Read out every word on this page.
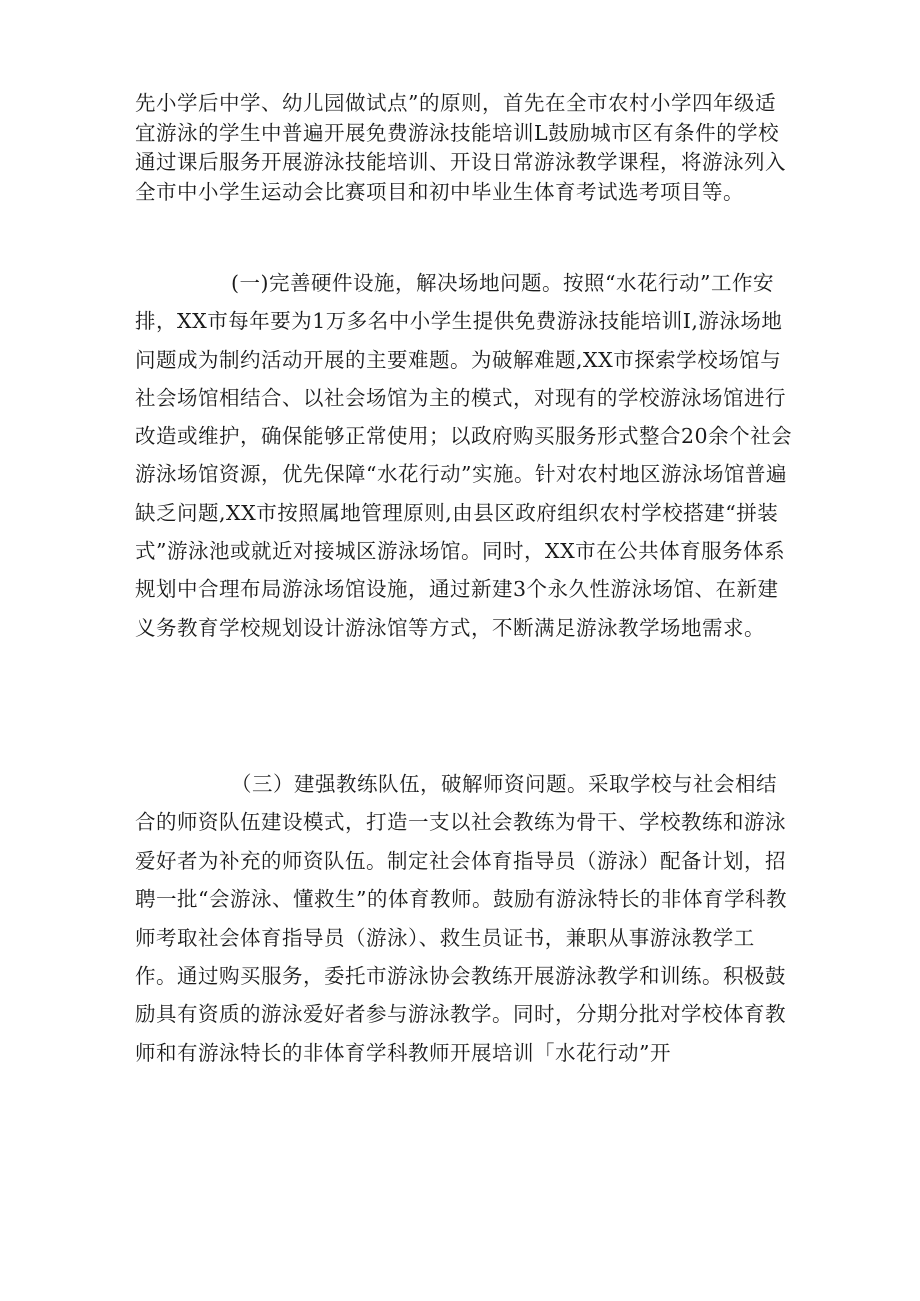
先小学后中学、幼儿园做试点”的原则，首先在全市农村小学四年级适宜游泳的学生中普遍开展免费游泳技能培训L鼓励城市区有条件的学校通过课后服务开展游泳技能培训、开设日常游泳教学课程，将游泳列入全市中小学生运动会比赛项目和初中毕业生体育考试选考项目等。

(一)完善硬件设施，解决场地问题。按照“水花行动”工作安排，XX市每年要为1万多名中小学生提供免费游泳技能培训I,游泳场地问题成为制约活动开展的主要难题。为破解难题,XX市探索学校场馆与社会场馆相结合、以社会场馆为主的模式，对现有的学校游泳场馆进行改造或维护，确保能够正常使用；以政府购买服务形式整合20余个社会游泳场馆资源，优先保障“水花行动”实施。针对农村地区游泳场馆普遍缺乏问题,XX市按照属地管理原则,由县区政府组织农村学校搭建“拼装式”游泳池或就近对接城区游泳场馆。同时，XX市在公共体育服务体系规划中合理布局游泳场馆设施，通过新建3个永久性游泳场馆、在新建义务教育学校规划设计游泳馆等方式，不断满足游泳教学场地需求。

（三）建强教练队伍，破解师资问题。采取学校与社会相结合的师资队伍建设模式，打造一支以社会教练为骨干、学校教练和游泳爱好者为补充的师资队伍。制定社会体育指导员（游泳）配备计划，招聘一批“会游泳、懂救生”的体育教师。鼓励有游泳特长的非体育学科教师考取社会体育指导员（游泳）、救生员证书，兼职从事游泳教学工作。通过购买服务，委托市游泳协会教练开展游泳教学和训练。积极鼓励具有资质的游泳爱好者参与游泳教学。同时，分期分批对学校体育教师和有游泳特长的非体育学科教师开展培训「水花行动”开
